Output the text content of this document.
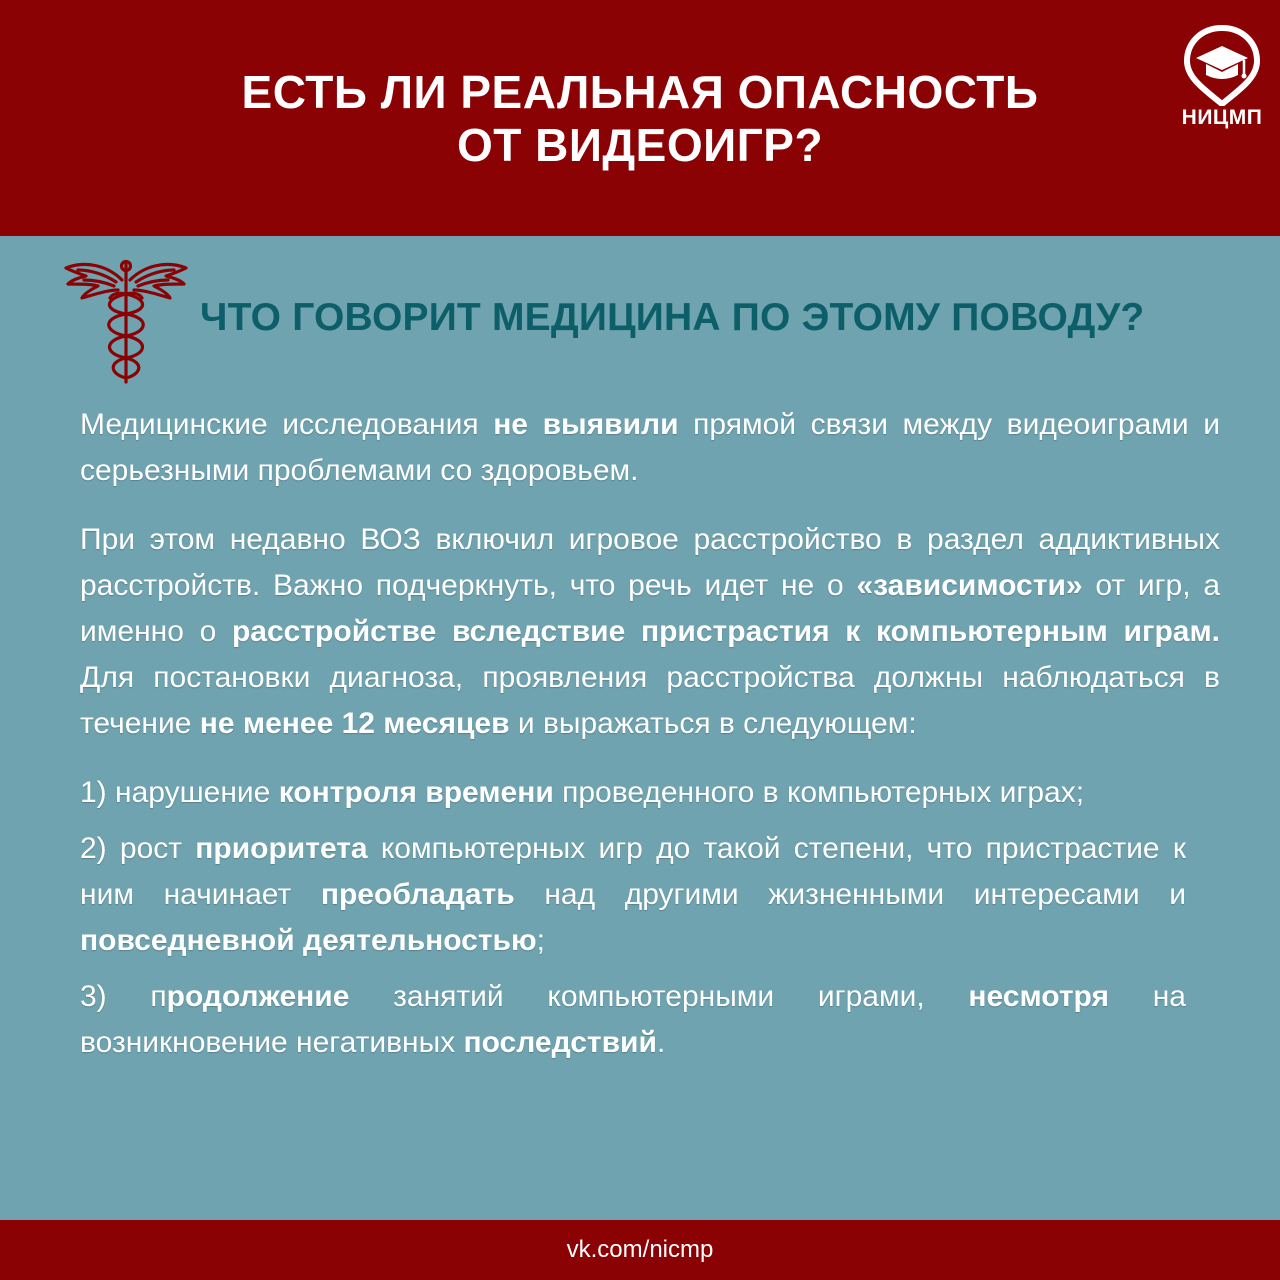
ЕСТЬ ЛИ РЕАЛЬНАЯ ОПАСНОСТЬ
ОТ ВИДЕОИГР?
НИЦМП
ЧТО ГОВОРИТ МЕДИЦИНА ПО ЭТОМУ ПОВОДУ?

Медицинские исследования не выявили прямой связи между видеоиграми и серьезными проблемами со здоровьем.

При этом недавно ВОЗ включил игровое расстройство в раздел аддиктивных расстройств. Важно подчеркнуть, что речь идет не о «зависимости» от игр, а именно о расстройстве вследствие пристрастия к компьютерным играм. Для постановки диагноза, проявления расстройства должны наблюдаться в течение не менее 12 месяцев и выражаться в следующем:

1) нарушение контроля времени проведенного в компьютерных играх;

2) рост приоритета компьютерных игр до такой степени, что пристрастие к ним начинает преобладать над другими жизненными интересами и повседневной деятельностью;

3) продолжение занятий компьютерными играми, несмотря на возникновение негативных последствий.

vk.com/nicmp
